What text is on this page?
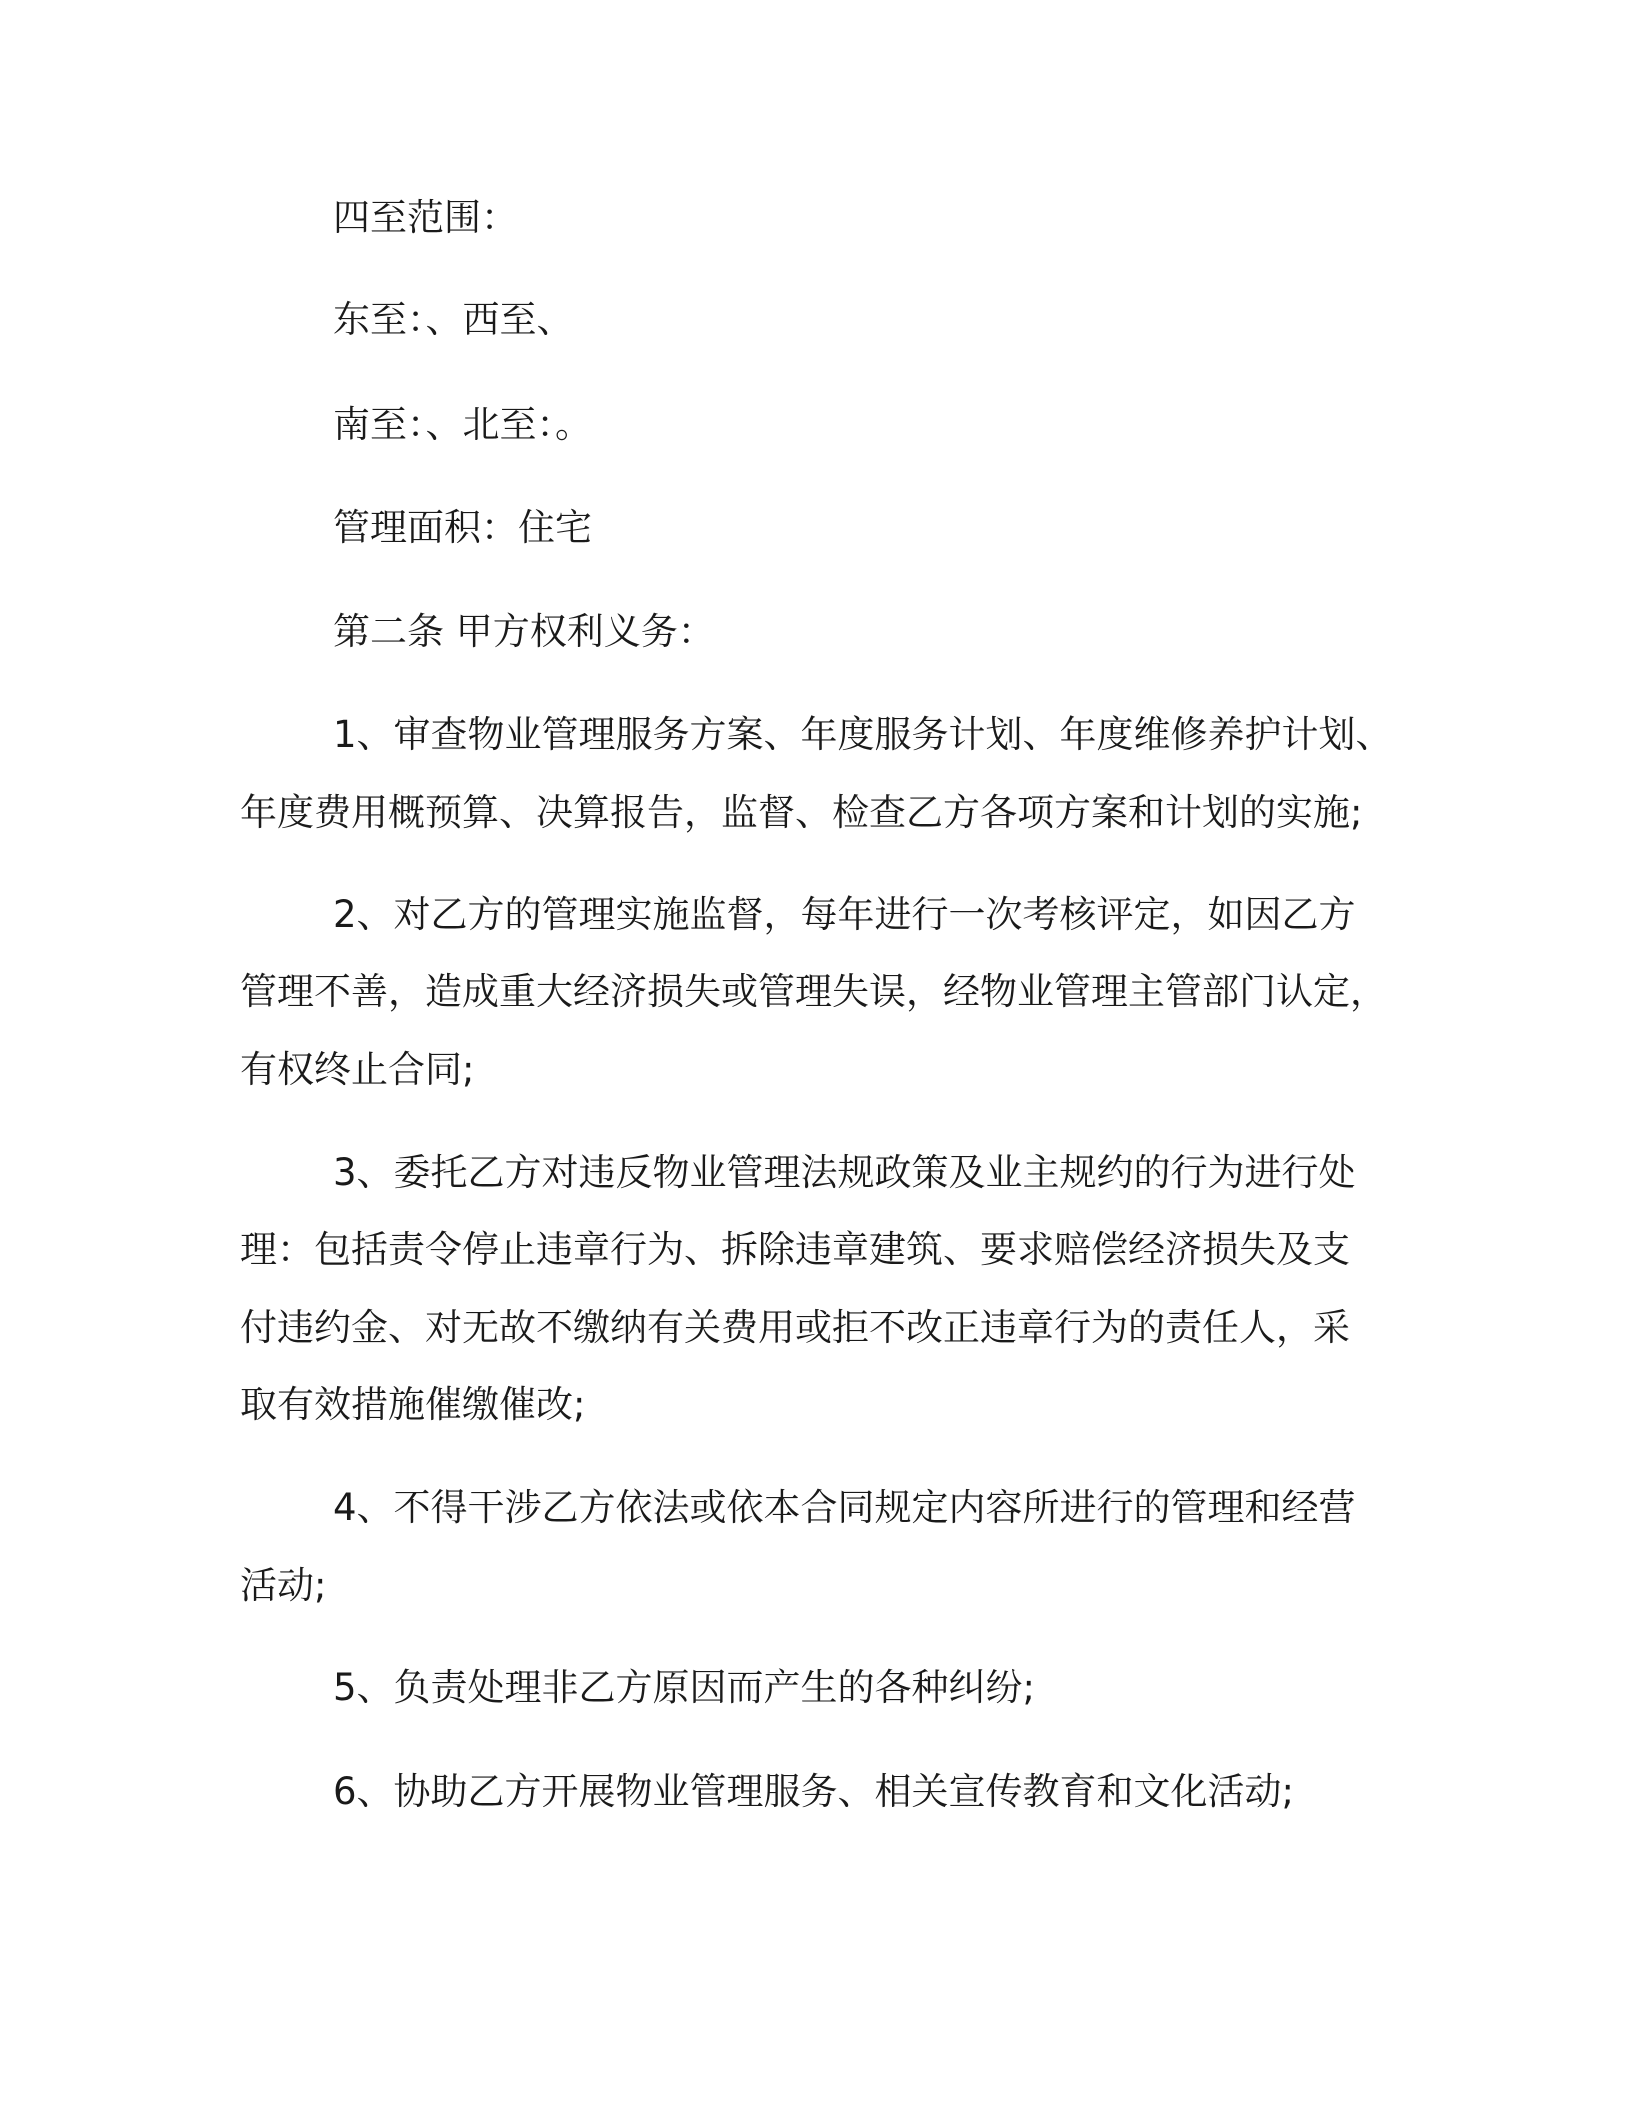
四至范围：
东至：、西至、
南至：、北至：。
管理面积：住宅
第二条 甲方权利义务：
1、审查物业管理服务方案、年度服务计划、年度维修养护计划、
年度费用概预算、决算报告，监督、检查乙方各项方案和计划的实施;
2、对乙方的管理实施监督，每年进行一次考核评定，如因乙方
管理不善，造成重大经济损失或管理失误，经物业管理主管部门认定，
有权终止合同;
3、委托乙方对违反物业管理法规政策及业主规约的行为进行处
理：包括责令停止违章行为、拆除违章建筑、要求赔偿经济损失及支
付违约金、对无故不缴纳有关费用或拒不改正违章行为的责任人，采
取有效措施催缴催改;
4、不得干涉乙方依法或依本合同规定内容所进行的管理和经营
活动;
5、负责处理非乙方原因而产生的各种纠纷;
6、协助乙方开展物业管理服务、相关宣传教育和文化活动;
